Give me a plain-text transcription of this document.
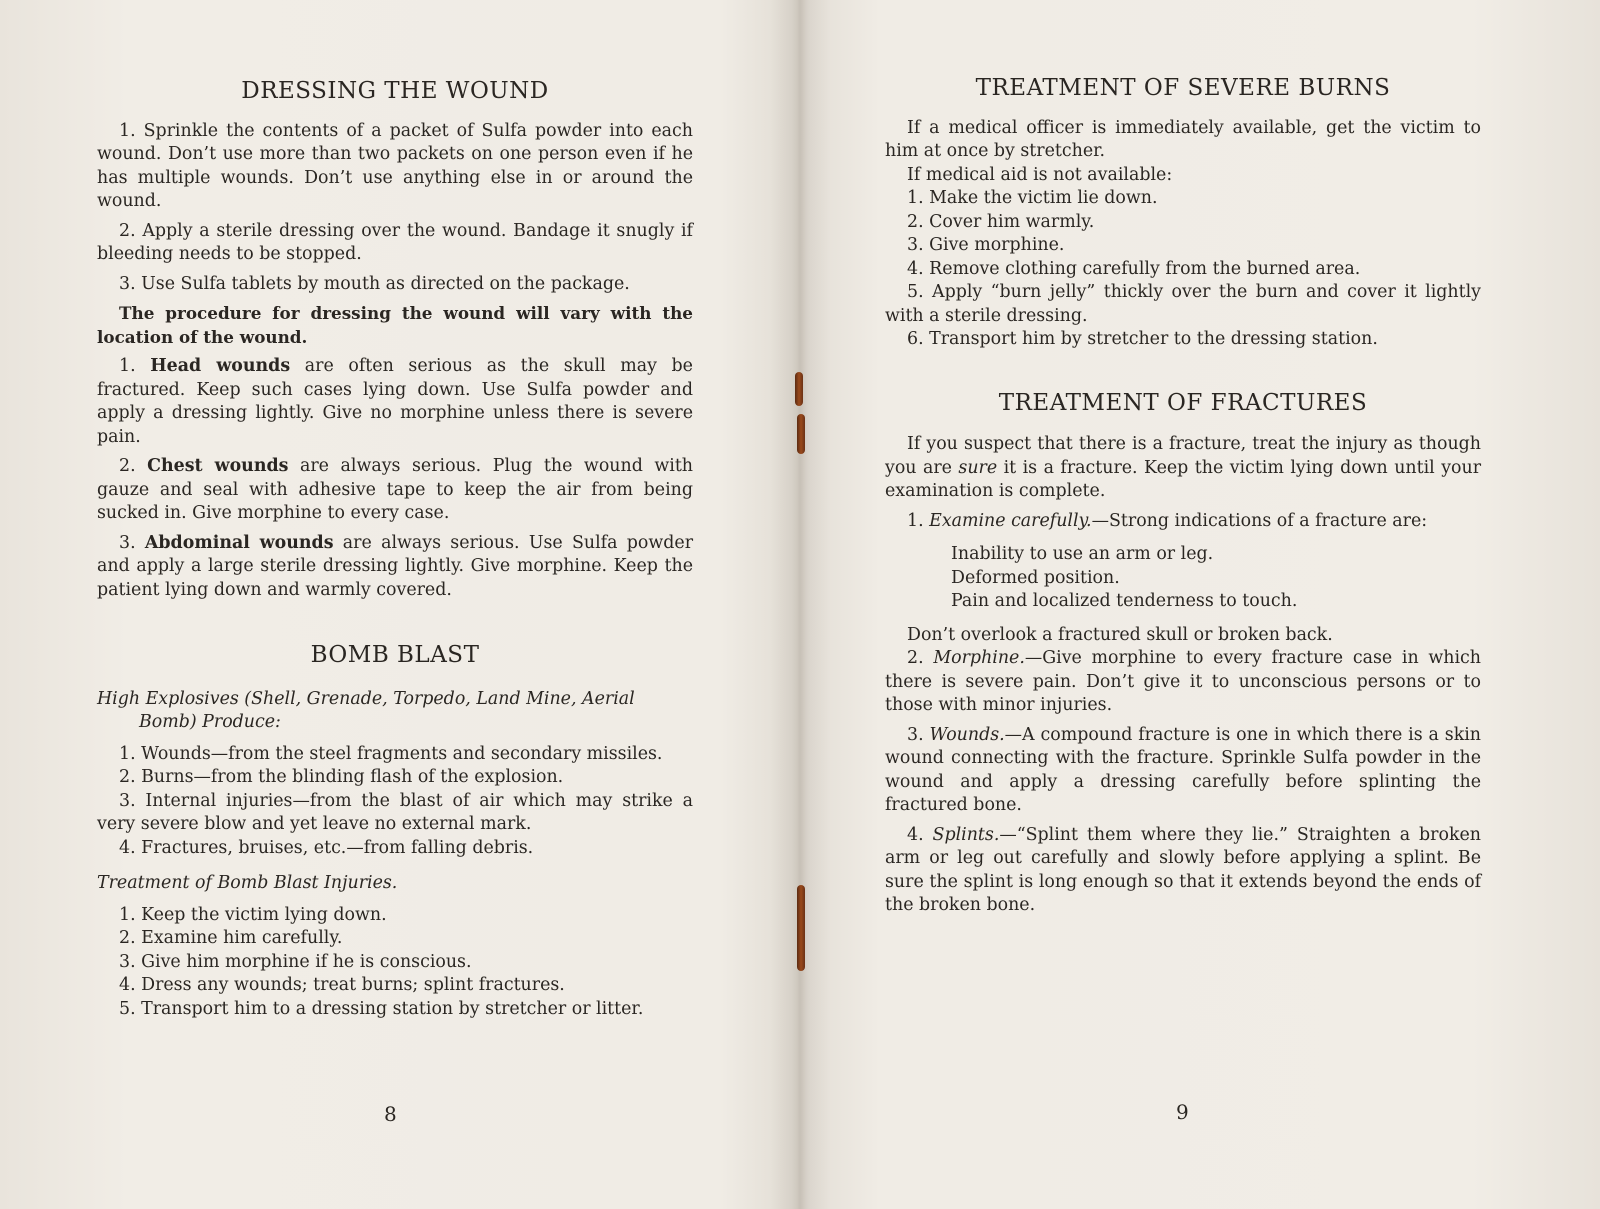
DRESSING THE WOUND

1. Sprinkle the contents of a packet of Sulfa powder into each wound. Don’t use more than two packets on one person even if he has multiple wounds. Don’t use anything else in or around the wound.

2. Apply a sterile dressing over the wound. Bandage it snugly if bleeding needs to be stopped.

3. Use Sulfa tablets by mouth as directed on the package.

The procedure for dressing the wound will vary with the location of the wound.

1. Head wounds are often serious as the skull may be fractured. Keep such cases lying down. Use Sulfa powder and apply a dressing lightly. Give no morphine unless there is severe pain.

2. Chest wounds are always serious. Plug the wound with gauze and seal with adhesive tape to keep the air from being sucked in. Give morphine to every case.

3. Abdominal wounds are always serious. Use Sulfa powder and apply a large sterile dressing lightly. Give morphine. Keep the patient lying down and warmly covered.

BOMB BLAST

High Explosives (Shell, Grenade, Torpedo, Land Mine, Aerial Bomb) Produce:

1. Wounds—from the steel fragments and secondary missiles.

2. Burns—from the blinding flash of the explosion.

3. Internal injuries—from the blast of air which may strike a very severe blow and yet leave no external mark.

4. Fractures, bruises, etc.—from falling debris.

Treatment of Bomb Blast Injuries.

1. Keep the victim lying down.

2. Examine him carefully.

3. Give him morphine if he is conscious.

4. Dress any wounds; treat burns; splint fractures.

5. Transport him to a dressing station by stretcher or litter.

8
TREATMENT OF SEVERE BURNS

If a medical officer is immediately available, get the victim to him at once by stretcher.

If medical aid is not available:

1. Make the victim lie down.

2. Cover him warmly.

3. Give morphine.

4. Remove clothing carefully from the burned area.

5. Apply “burn jelly” thickly over the burn and cover it lightly with a sterile dressing.

6. Transport him by stretcher to the dressing station.

TREATMENT OF FRACTURES

If you suspect that there is a fracture, treat the injury as though you are sure it is a fracture. Keep the victim lying down until your examination is complete.

1. Examine carefully.—Strong indications of a fracture are:

Inability to use an arm or leg.

Deformed position.

Pain and localized tenderness to touch.

Don’t overlook a fractured skull or broken back.

2. Morphine.—Give morphine to every fracture case in which there is severe pain. Don’t give it to unconscious persons or to those with minor injuries.

3. Wounds.—A compound fracture is one in which there is a skin wound connecting with the fracture. Sprinkle Sulfa powder in the wound and apply a dressing carefully before splinting the fractured bone.

4. Splints.—“Splint them where they lie.” Straighten a broken arm or leg out carefully and slowly before applying a splint. Be sure the splint is long enough so that it extends beyond the ends of the broken bone.

9
